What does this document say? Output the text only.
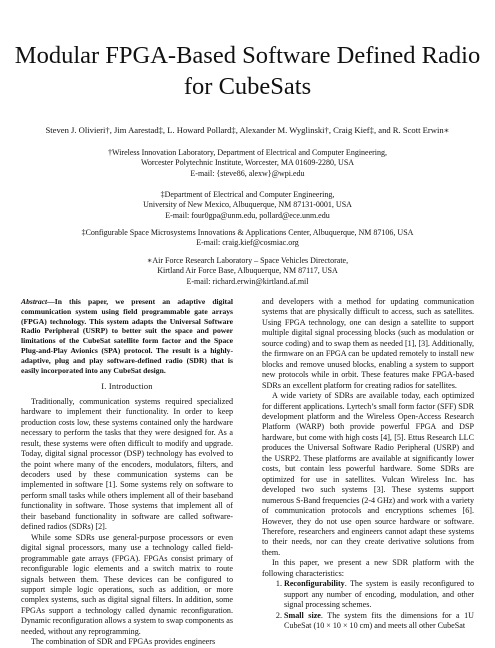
Modular FPGA-Based Software Defined Radio for CubeSats
Steven J. Olivieri†, Jim Aarestad‡, L. Howard Pollard‡, Alexander M. Wyglinski†, Craig Kief‡, and R. Scott Erwin∗
†Wireless Innovation Laboratory, Department of Electrical and Computer Engineering,
Worcester Polytechnic Institute, Worcester, MA 01609-2280, USA
E-mail: {steve86, alexw}@wpi.edu
‡Department of Electrical and Computer Engineering,
University of New Mexico, Albuquerque, NM 87131-0001, USA
E-mail: four0gpa@unm.edu, pollard@ece.unm.edu
‡Configurable Space Microsystems Innovations & Applications Center, Albuquerque, NM 87106, USA
E-mail: craig.kief@cosmiac.org
∗Air Force Research Laboratory – Space Vehicles Directorate,
Kirtland Air Force Base, Albuquerque, NM 87117, USA
E-mail: richard.erwin@kirtland.af.mil

Abstract—In this paper, we present an adaptive digital communication system using field programmable gate arrays (FPGA) technology. This system adapts the Universal Software Radio Peripheral (USRP) to better suit the space and power limitations of the CubeSat satellite form factor and the Space Plug-and-Play Avionics (SPA) protocol. The result is a highly-adaptive, plug and play software-defined radio (SDR) that is easily incorporated into any CubeSat design.

I. Introduction

Traditionally, communication systems required specialized hardware to implement their functionality. In order to keep production costs low, these systems contained only the hardware necessary to perform the tasks that they were designed for. As a result, these systems were often difficult to modify and upgrade. Today, digital signal processor (DSP) technology has evolved to the point where many of the encoders, modulators, filters, and decoders used by these communication systems can be implemented in software [1]. Some systems rely on software to perform small tasks while others implement all of their baseband functionality in software. Those systems that implement all of their baseband functionality in software are called software-defined radios (SDRs) [2].

While some SDRs use general-purpose processors or even digital signal processors, many use a technology called field-programmable gate arrays (FPGA). FPGAs consist primary of reconfigurable logic elements and a switch matrix to route signals between them. These devices can be configured to support simple logic operations, such as addition, or more complex systems, such as digital signal filters. In addition, some FPGAs support a technology called dynamic reconfiguration. Dynamic reconfiguration allows a system to swap components as needed, without any reprogramming.

The combination of SDR and FPGAs provides engineers

and developers with a method for updating communication systems that are physically difficult to access, such as satellites. Using FPGA technology, one can design a satellite to support multiple digital signal processing blocks (such as modulation or source coding) and to swap them as needed [1], [3]. Additionally, the firmware on an FPGA can be updated remotely to install new blocks and remove unused blocks, enabling a system to support new protocols while in orbit. These features make FPGA-based SDRs an excellent platform for creating radios for satellites.

A wide variety of SDRs are available today, each optimized for different applications. Lyrtech’s small form factor (SFF) SDR development platform and the Wireless Open-Access Research Platform (WARP) both provide powerful FPGA and DSP hardware, but come with high costs [4], [5]. Ettus Research LLC produces the Universal Software Radio Peripheral (USRP) and the USRP2. These platforms are available at significantly lower costs, but contain less powerful hardware. Some SDRs are optimized for use in satellites. Vulcan Wireless Inc. has developed two such systems [3]. These systems support numerous S-Band frequencies (2-4 GHz) and work with a variety of communication protocols and encryptions schemes [6]. However, they do not use open source hardware or software. Therefore, researchers and engineers cannot adapt these systems to their needs, nor can they create derivative solutions from them.

In this paper, we present a new SDR platform with the following characteristics:

1. Reconfigurability. The system is easily reconfigured to support any number of encoding, modulation, and other signal processing schemes.
2. Small size. The system fits the dimensions for a 1U CubeSat (10 × 10 × 10 cm) and meets all other CubeSat
